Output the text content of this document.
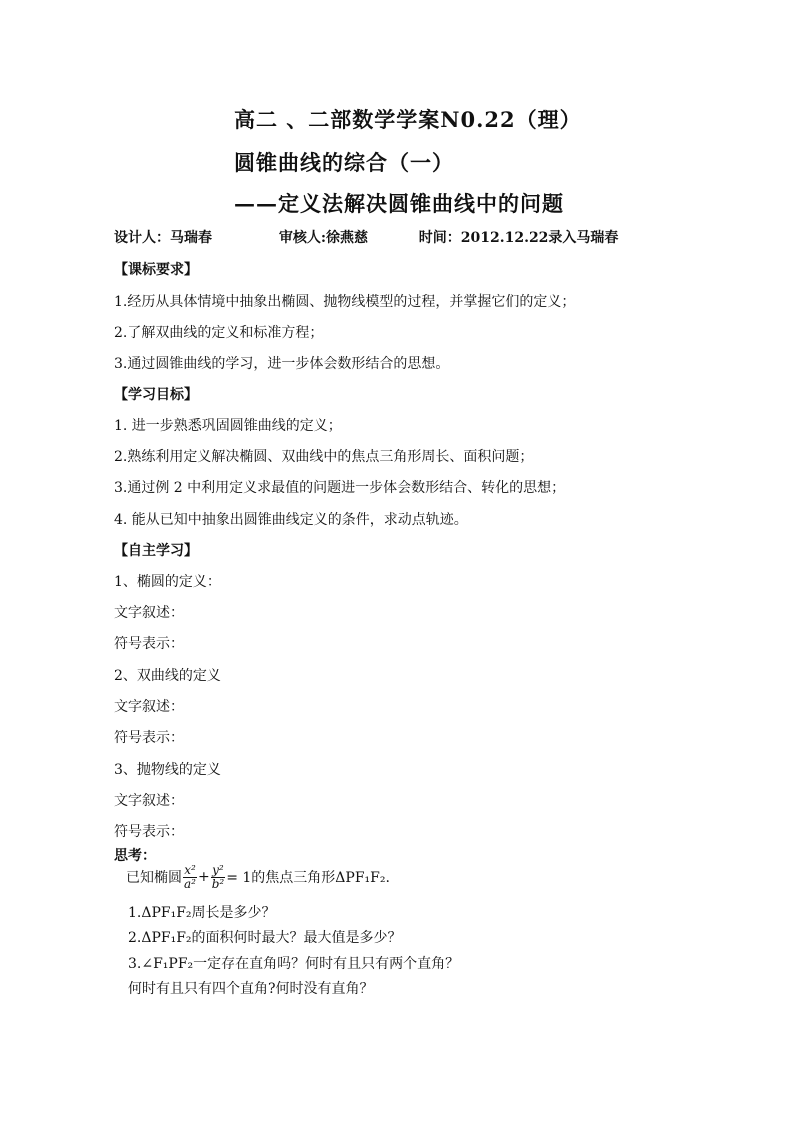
高二 、二部数学学案N0.22（理）
圆锥曲线的综合（一）
——定义法解决圆锥曲线中的问题
设计人：马瑞春	审核人:徐燕慈	时间：2012.12.22录入马瑞春
【课标要求】
1.经历从具体情境中抽象出椭圆、抛物线模型的过程，并掌握它们的定义；
2.了解双曲线的定义和标准方程；
3.通过圆锥曲线的学习，进一步体会数形结合的思想。
【学习目标】
1. 进一步熟悉巩固圆锥曲线的定义；
2.熟练利用定义解决椭圆、双曲线中的焦点三角形周长、面积问题；
3.通过例 2 中利用定义求最值的问题进一步体会数形结合、转化的思想；
4. 能从已知中抽象出圆锥曲线定义的条件，求动点轨迹。
【自主学习】
1、椭圆的定义：
文字叙述：
符号表示：
2、双曲线的定义
文字叙述：
符号表示：
3、抛物线的定义
文字叙述：
符号表示：
思考：
已知椭圆 $\frac{\text{x²}}{\text{a²}} + \frac{\text{y²}}{\text{b²}} = 1$的焦点三角形ΔPF₁F₂.
1.ΔPF₁F₂周长是多少？
2.ΔPF₁F₂的面积何时最大？最大值是多少？
3.∠F₁PF₂一定存在直角吗？何时有且只有两个直角？
何时有且只有四个直角?何时没有直角？
